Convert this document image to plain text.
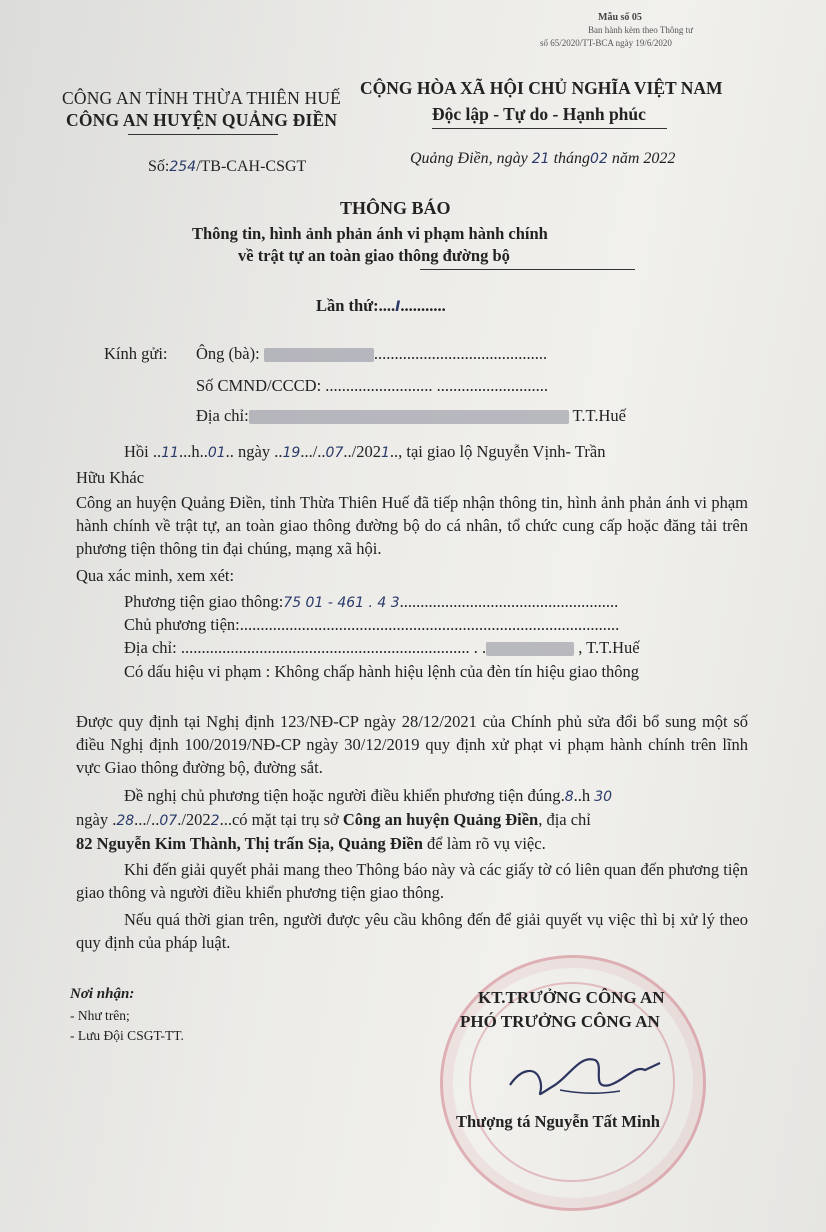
Mẫu số 05
Ban hành kèm theo Thông tư
số 65/2020/TT-BCA ngày 19/6/2020
CÔNG AN TỈNH THỪA THIÊN HUẾ
CÔNG AN HUYỆN QUẢNG ĐIỀN
CỘNG HÒA XÃ HỘI CHỦ NGHĨA VIỆT NAM
Độc lập - Tự do - Hạnh phúc
Số:254/TB-CAH-CSGT	Quảng Điền, ngày 21 tháng02 năm 2022
THÔNG BÁO
Thông tin, hình ảnh phản ánh vi phạm hành chính
về trật tự an toàn giao thông đường bộ
Lần thứ:....I...........
Kính gửi: Ông (bà):	..........................................
Số CMND/CCCD: .......................... ...........................
Địa chỉ:	T.T.Huế
Hồi ..11...h..01.. ngày ..19.../..07../2021.., tại giao lộ Nguyễn Vịnh- Trần
Hữu Khác
Công an huyện Quảng Điền, tỉnh Thừa Thiên Huế đã tiếp nhận thông tin, hình ảnh phản ánh vi phạm hành chính về trật tự, an toàn giao thông đường bộ do cá nhân, tổ chức cung cấp hoặc đăng tải trên phương tiện thông tin đại chúng, mạng xã hội.
Qua xác minh, xem xét:
Phương tiện giao thông:75 01 - 461 . 4 3.....................................................
Chủ phương tiện:............................................................................................
Địa chỉ: ...................................................................... . .	, T.T.Huế
Có dấu hiệu vi phạm : Không chấp hành hiệu lệnh của đèn tín hiệu giao thông
Được quy định tại Nghị định 123/NĐ-CP ngày 28/12/2021 của Chính phủ sửa đổi bổ sung một số điều Nghị định 100/2019/NĐ-CP ngày 30/12/2019 quy định xử phạt vi phạm hành chính trên lĩnh vực Giao thông đường bộ, đường sắt.
Đề nghị chủ phương tiện hoặc người điều khiển phương tiện đúng.8..h 30
ngày .28.../..07./2022...có mặt tại trụ sở Công an huyện Quảng Điền, địa chỉ
82 Nguyễn Kim Thành, Thị trấn Sịa, Quảng Điền để làm rõ vụ việc.
Khi đến giải quyết phải mang theo Thông báo này và các giấy tờ có liên quan đến phương tiện giao thông và người điều khiển phương tiện giao thông.
Nếu quá thời gian trên, người được yêu cầu không đến để giải quyết vụ việc thì bị xử lý theo quy định của pháp luật.
Nơi nhận:
- Như trên;
- Lưu Đội CSGT-TT.
KT.TRƯỞNG CÔNG AN
PHÓ TRƯỞNG CÔNG AN
Thượng tá Nguyễn Tất Minh
